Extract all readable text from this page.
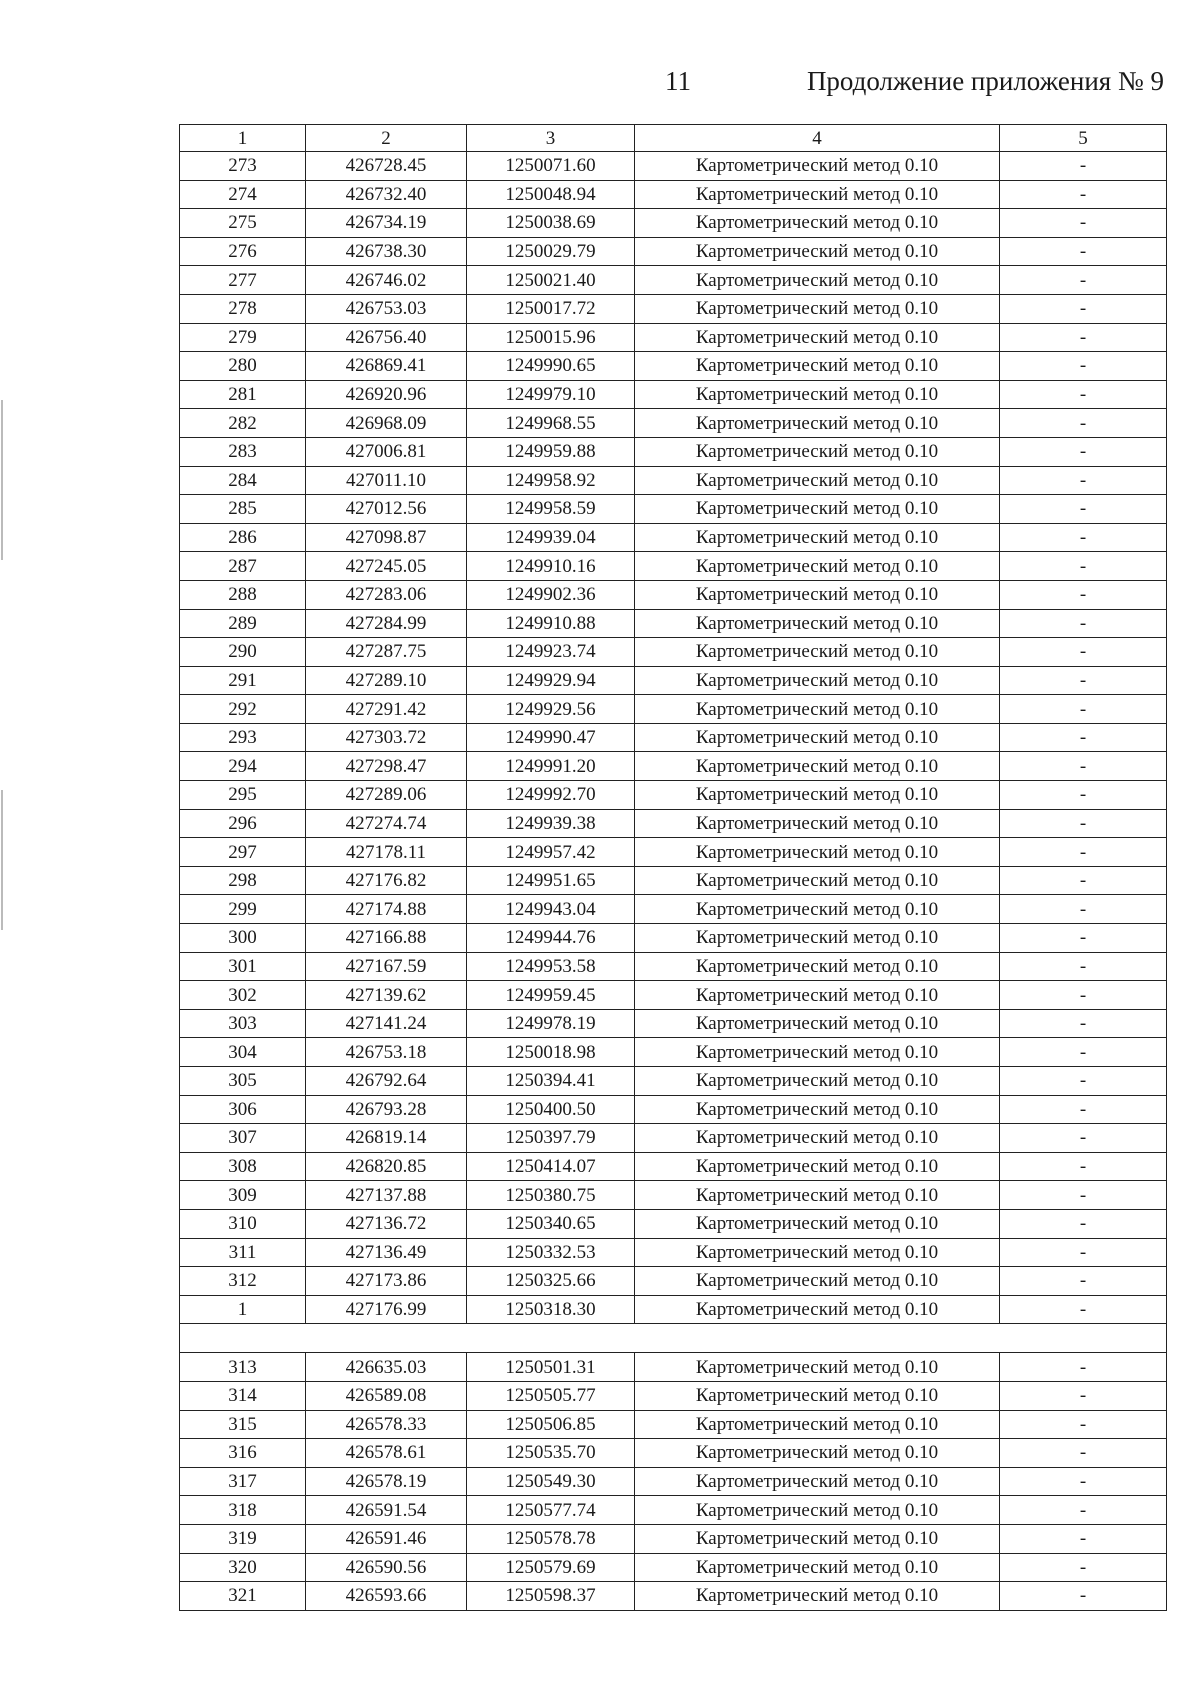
11	Продолжение приложения № 9
1	2	3	4	5
273	426728.45	1250071.60	Картометрический метод 0.10	-
274	426732.40	1250048.94	Картометрический метод 0.10	-
275	426734.19	1250038.69	Картометрический метод 0.10	-
276	426738.30	1250029.79	Картометрический метод 0.10	-
277	426746.02	1250021.40	Картометрический метод 0.10	-
278	426753.03	1250017.72	Картометрический метод 0.10	-
279	426756.40	1250015.96	Картометрический метод 0.10	-
280	426869.41	1249990.65	Картометрический метод 0.10	-
281	426920.96	1249979.10	Картометрический метод 0.10	-
282	426968.09	1249968.55	Картометрический метод 0.10	-
283	427006.81	1249959.88	Картометрический метод 0.10	-
284	427011.10	1249958.92	Картометрический метод 0.10	-
285	427012.56	1249958.59	Картометрический метод 0.10	-
286	427098.87	1249939.04	Картометрический метод 0.10	-
287	427245.05	1249910.16	Картометрический метод 0.10	-
288	427283.06	1249902.36	Картометрический метод 0.10	-
289	427284.99	1249910.88	Картометрический метод 0.10	-
290	427287.75	1249923.74	Картометрический метод 0.10	-
291	427289.10	1249929.94	Картометрический метод 0.10	-
292	427291.42	1249929.56	Картометрический метод 0.10	-
293	427303.72	1249990.47	Картометрический метод 0.10	-
294	427298.47	1249991.20	Картометрический метод 0.10	-
295	427289.06	1249992.70	Картометрический метод 0.10	-
296	427274.74	1249939.38	Картометрический метод 0.10	-
297	427178.11	1249957.42	Картометрический метод 0.10	-
298	427176.82	1249951.65	Картометрический метод 0.10	-
299	427174.88	1249943.04	Картометрический метод 0.10	-
300	427166.88	1249944.76	Картометрический метод 0.10	-
301	427167.59	1249953.58	Картометрический метод 0.10	-
302	427139.62	1249959.45	Картометрический метод 0.10	-
303	427141.24	1249978.19	Картометрический метод 0.10	-
304	426753.18	1250018.98	Картометрический метод 0.10	-
305	426792.64	1250394.41	Картометрический метод 0.10	-
306	426793.28	1250400.50	Картометрический метод 0.10	-
307	426819.14	1250397.79	Картометрический метод 0.10	-
308	426820.85	1250414.07	Картометрический метод 0.10	-
309	427137.88	1250380.75	Картометрический метод 0.10	-
310	427136.72	1250340.65	Картометрический метод 0.10	-
311	427136.49	1250332.53	Картометрический метод 0.10	-
312	427173.86	1250325.66	Картометрический метод 0.10	-
1	427176.99	1250318.30	Картометрический метод 0.10	-

313	426635.03	1250501.31	Картометрический метод 0.10	-
314	426589.08	1250505.77	Картометрический метод 0.10	-
315	426578.33	1250506.85	Картометрический метод 0.10	-
316	426578.61	1250535.70	Картометрический метод 0.10	-
317	426578.19	1250549.30	Картометрический метод 0.10	-
318	426591.54	1250577.74	Картометрический метод 0.10	-
319	426591.46	1250578.78	Картометрический метод 0.10	-
320	426590.56	1250579.69	Картометрический метод 0.10	-
321	426593.66	1250598.37	Картометрический метод 0.10	-
